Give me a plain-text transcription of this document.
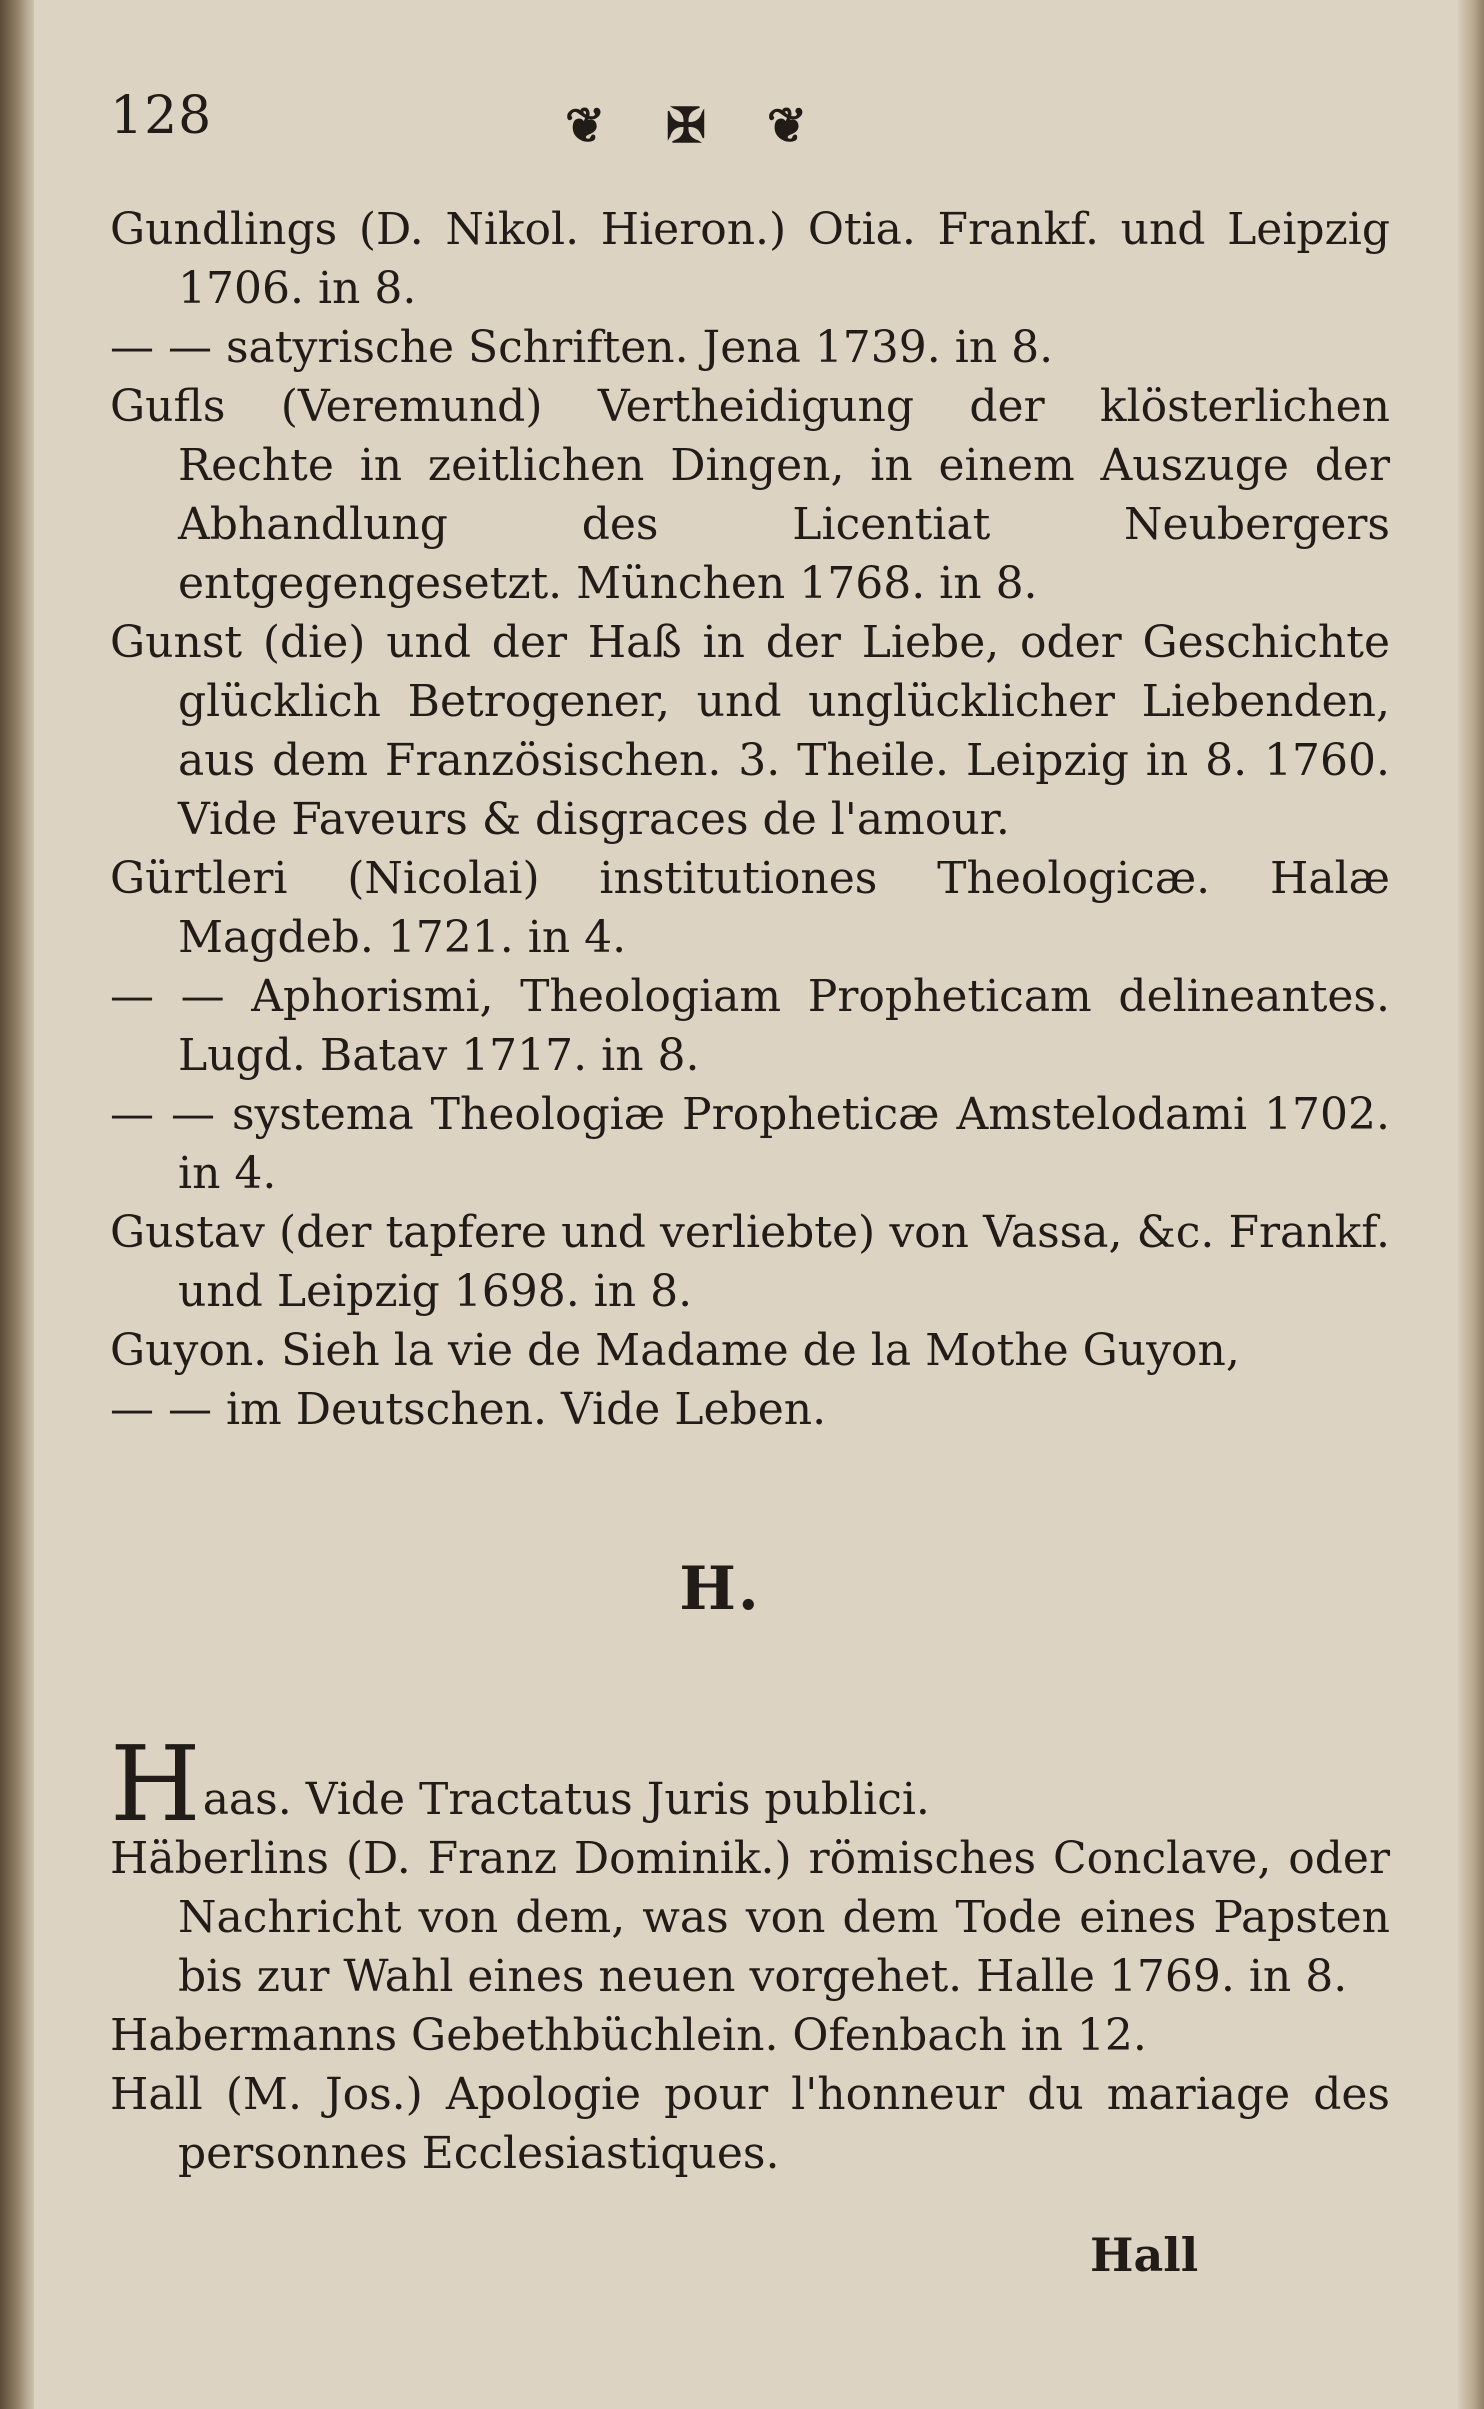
128	❦ ✠ ❦
Gundlings (D. Nikol. Hieron.) Otia. Frankf. und Leipzig 1706. in 8.
— — satyrische Schriften. Jena 1739. in 8.
Gufls (Veremund) Vertheidigung der klösterlichen Rechte in zeitlichen Dingen, in einem Auszuge der Abhandlung des Licentiat Neubergers entgegengesetzt. München 1768. in 8.
Gunst (die) und der Haß in der Liebe, oder Geschichte glücklich Betrogener, und unglücklicher Liebenden, aus dem Französischen. 3. Theile. Leipzig in 8. 1760. Vide Faveurs & disgraces de l'amour.
Gürtleri (Nicolai) institutiones Theologicæ. Halæ Magdeb. 1721. in 4.
— — Aphorismi, Theologiam Propheticam delineantes. Lugd. Batav 1717. in 8.
— — systema Theologiæ Propheticæ Amstelodami 1702. in 4.
Gustav (der tapfere und verliebte) von Vassa, &c. Frankf. und Leipzig 1698. in 8.
Guyon. Sieh la vie de Madame de la Mothe Guyon,
— — im Deutschen. Vide Leben.
H.
Haas. Vide Tractatus Juris publici.
Häberlins (D. Franz Dominik.) römisches Conclave, oder Nachricht von dem, was von dem Tode eines Papsten bis zur Wahl eines neuen vorgehet. Halle 1769. in 8.
Habermanns Gebethbüchlein. Ofenbach in 12.
Hall (M. Jos.) Apologie pour l'honneur du mariage des personnes Ecclesiastiques.
Hall
